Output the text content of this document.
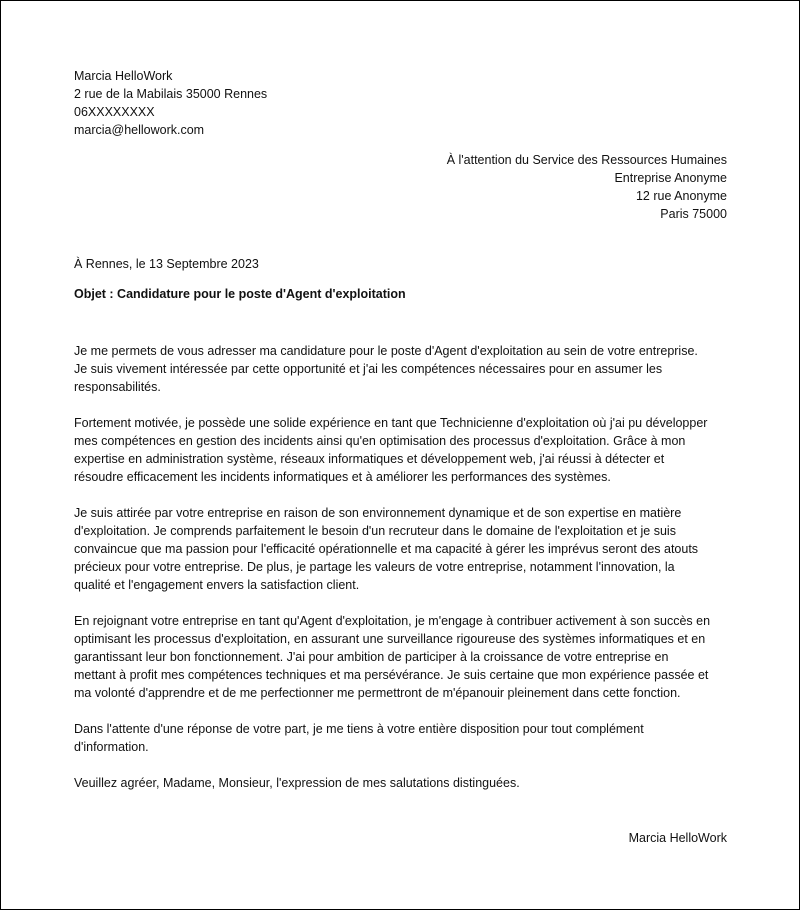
Marcia HelloWork
2 rue de la Mabilais 35000 Rennes
06XXXXXXXX
marcia@hellowork.com
À l'attention du Service des Ressources Humaines
Entreprise Anonyme
12 rue Anonyme
Paris 75000
À Rennes, le 13 Septembre 2023
Objet : Candidature pour le poste d'Agent d'exploitation
Je me permets de vous adresser ma candidature pour le poste d'Agent d'exploitation au sein de votre entreprise.
Je suis vivement intéressée par cette opportunité et j'ai les compétences nécessaires pour en assumer les
responsabilités.
Fortement motivée, je possède une solide expérience en tant que Technicienne d'exploitation où j'ai pu développer
mes compétences en gestion des incidents ainsi qu'en optimisation des processus d'exploitation. Grâce à mon
expertise en administration système, réseaux informatiques et développement web, j'ai réussi à détecter et
résoudre efficacement les incidents informatiques et à améliorer les performances des systèmes.
Je suis attirée par votre entreprise en raison de son environnement dynamique et de son expertise en matière
d'exploitation. Je comprends parfaitement le besoin d'un recruteur dans le domaine de l'exploitation et je suis
convaincue que ma passion pour l'efficacité opérationnelle et ma capacité à gérer les imprévus seront des atouts
précieux pour votre entreprise. De plus, je partage les valeurs de votre entreprise, notamment l'innovation, la
qualité et l'engagement envers la satisfaction client.
En rejoignant votre entreprise en tant qu'Agent d'exploitation, je m'engage à contribuer activement à son succès en
optimisant les processus d'exploitation, en assurant une surveillance rigoureuse des systèmes informatiques et en
garantissant leur bon fonctionnement. J'ai pour ambition de participer à la croissance de votre entreprise en
mettant à profit mes compétences techniques et ma persévérance. Je suis certaine que mon expérience passée et
ma volonté d'apprendre et de me perfectionner me permettront de m'épanouir pleinement dans cette fonction.
Dans l'attente d'une réponse de votre part, je me tiens à votre entière disposition pour tout complément
d'information.
Veuillez agréer, Madame, Monsieur, l'expression de mes salutations distinguées.
Marcia HelloWork
